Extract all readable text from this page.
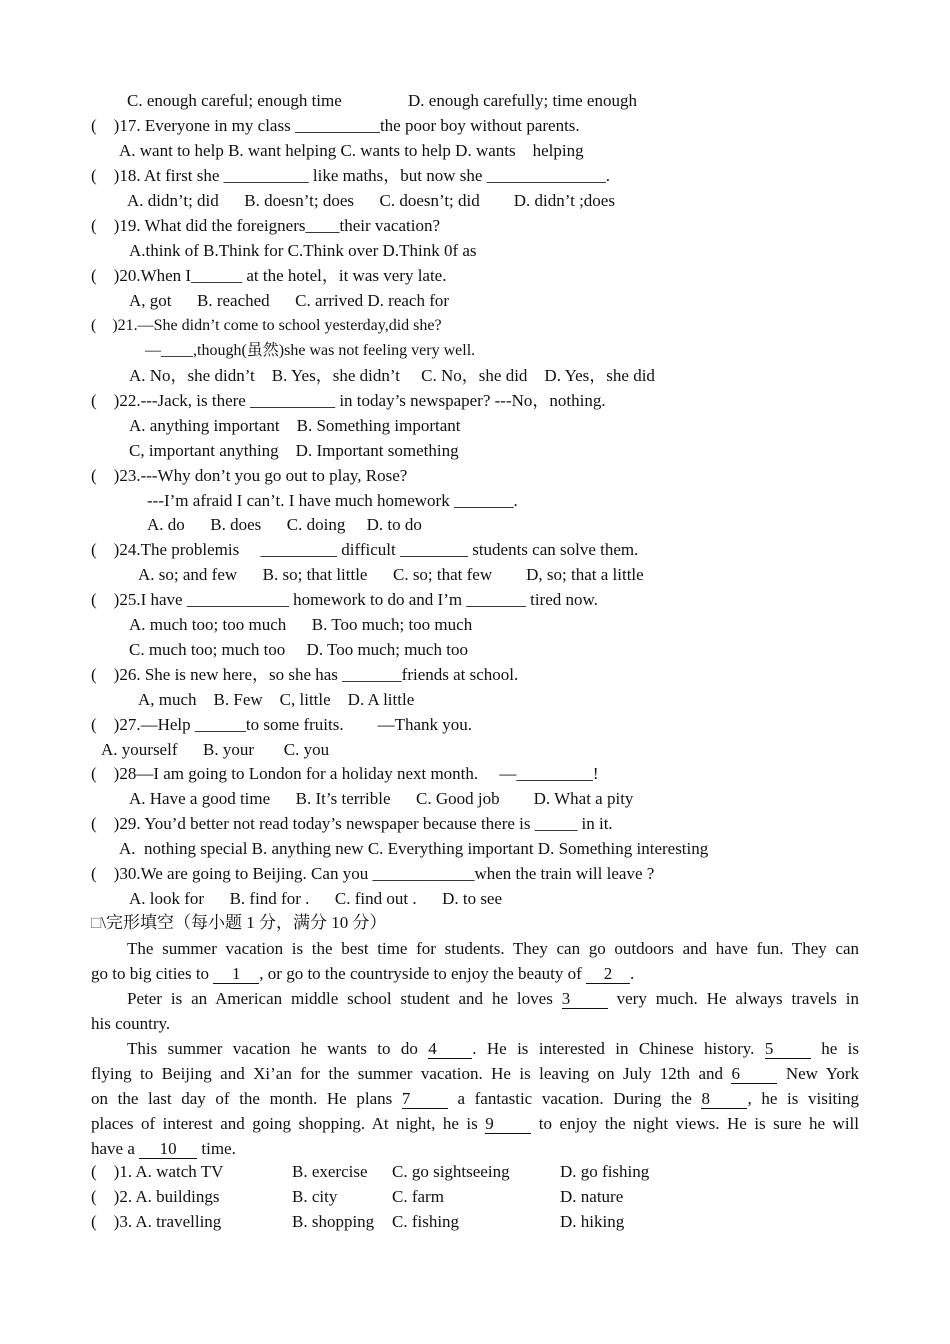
C. enough careful; enough time	D. enough carefully; time enough
(    )17. Everyone in my class __________the poor boy without parents.
A. want to help B. want helping C. wants to help D. wants    helping
(    )18. At first she __________ like maths，but now she ______________.
A. didn’t; did      B. doesn’t; does      C. doesn’t; did        D. didn’t ;does
(    )19. What did the foreigners____their vacation?
A.think of B.Think for C.Think over D.Think 0f as
(    )20.When I______ at the hotel，it was very late.
A, got      B. reached      C. arrived D. reach for
(    )21.—She didn’t come to school yesterday,did she?
—____,though(虽然)she was not feeling very well.
A. No，she didn’t    B. Yes，she didn’t     C. No，she did    D. Yes，she did
(    )22.---Jack, is there __________ in today’s newspaper? ---No，nothing.
A. anything important    B. Something important
C, important anything    D. Important something
(    )23.---Why don’t you go out to play, Rose?
---I’m afraid I can’t. I have much homework _______.
A. do      B. does      C. doing     D. to do
(    )24.The problemis     _________ difficult ________ students can solve them.
A. so; and few      B. so; that little      C. so; that few        D, so; that a little
(    )25.I have ____________ homework to do and I’m _______ tired now.
A. much too; too much      B. Too much; too much
C. much too; much too     D. Too much; much too
(    )26. She is new here，so she has _______friends at school.
A, much    B. Few    C, little    D. A little
(    )27.—Help ______to some fruits.        —Thank you.
A. yourself      B. your       C. you
(    )28—I am going to London for a holiday next month.     —_________!
A. Have a good time      B. It’s terrible      C. Good job        D. What a pity
(    )29. You’d better not read today’s newspaper because there is _____ in it.
A.  nothing special B. anything new C. Everything important D. Something interesting
(    )30.We are going to Beijing. Can you ____________when the train will leave ?
A. look for      B. find for .      C. find out .      D. to see
□\完形填空（每小题 1 分，满分 10 分）
The summer vacation is the best time for students. They can go outdoors and have fun. They can
go to big cities to 1 , or go to the countryside to enjoy the beauty of 2 .
Peter is an American middle school student and he loves 3 very much. He always travels in
his country.
This summer vacation he wants to do 4 . He is interested in Chinese history. 5 he is
flying to Beijing and Xi’an for the summer vacation. He is leaving on July 12th and 6 New York
on the last day of the month. He plans 7 a fantastic vacation. During the 8 , he is visiting
places of interest and going shopping. At night, he is 9 to enjoy the night views. He is sure he will
have a 10 time.
(    )1. A. watch TV	B. exercise C. go sightseeing	D. go fishing
(    )2. A. buildings	B. city	C. farm	D. nature
(    )3. A. travelling	B. shopping C. fishing	D. hiking
